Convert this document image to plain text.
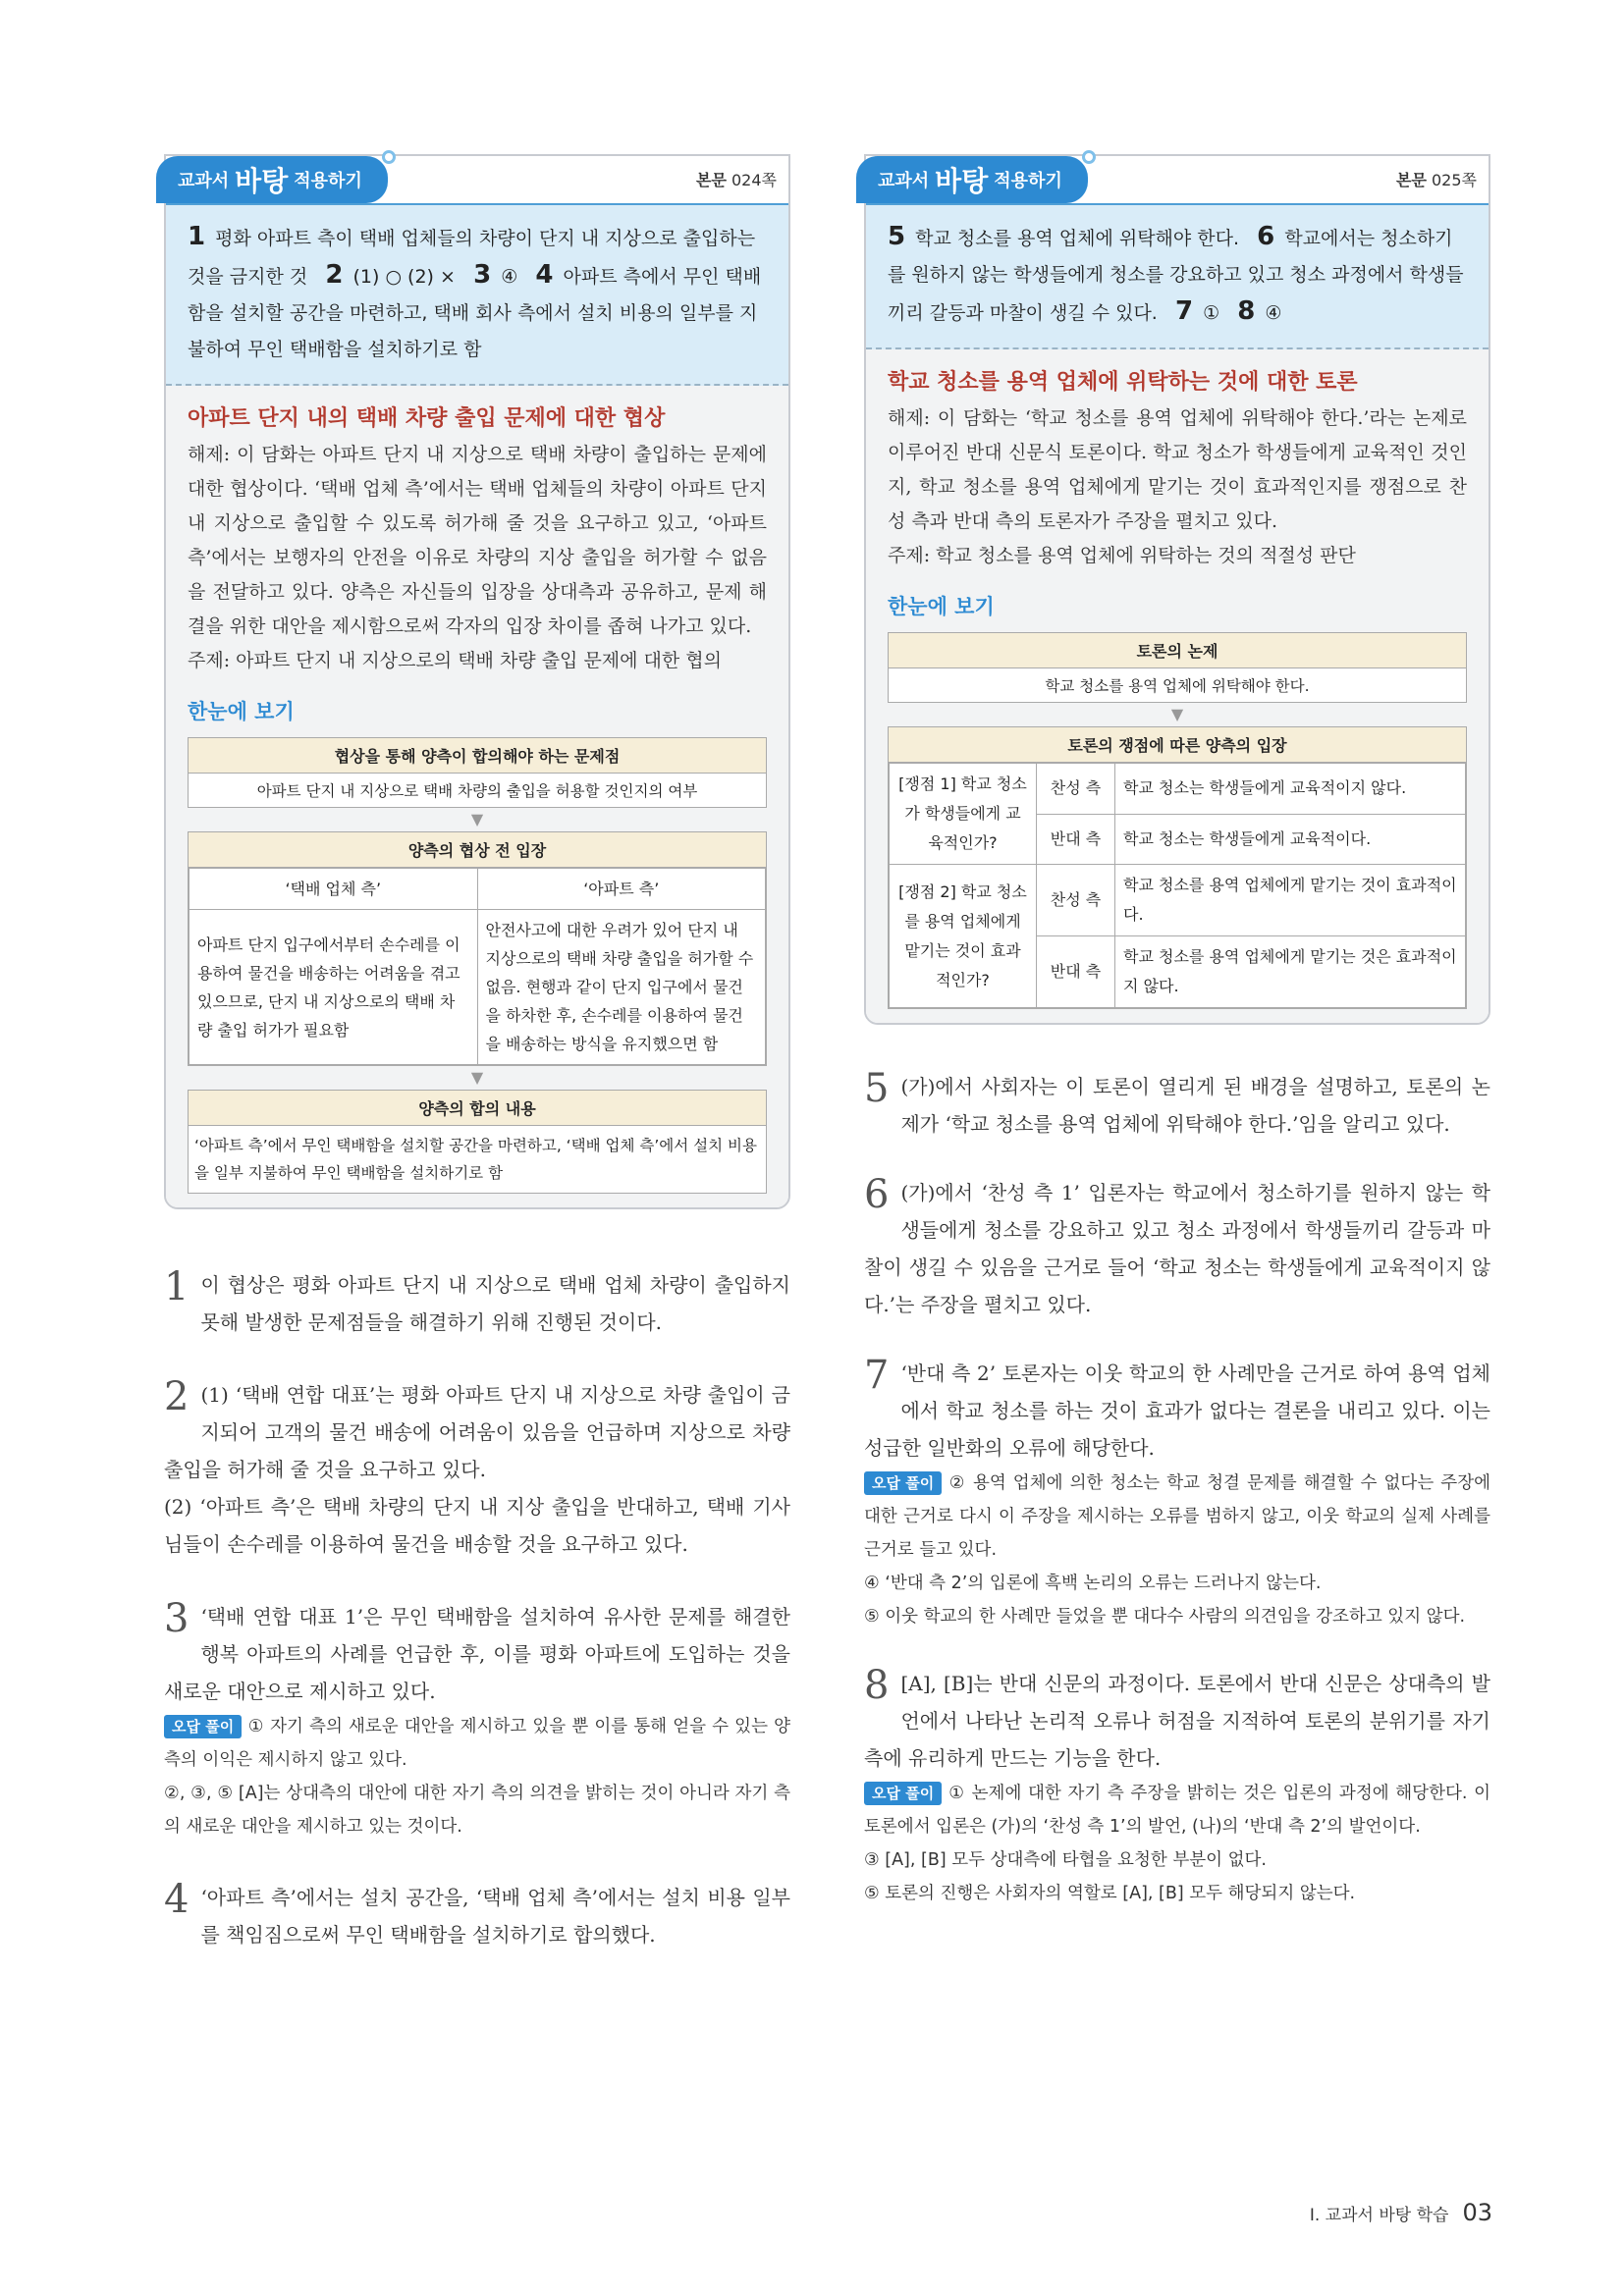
교과서 바탕 적용하기	본문 024쪽
1 평화 아파트 측이 택배 업체들의 차량이 단지 내 지상으로 출입하는 것을 금지한 것 2 (1) ○ (2) × 3 ④ 4 아파트 측에서 무인 택배함을 설치할 공간을 마련하고, 택배 회사 측에서 설치 비용의 일부를 지불하여 무인 택배함을 설치하기로 함
아파트 단지 내의 택배 차량 출입 문제에 대한 협상

해제: 이 담화는 아파트 단지 내 지상으로 택배 차량이 출입하는 문제에 대한 협상이다. ‘택배 업체 측’에서는 택배 업체들의 차량이 아파트 단지 내 지상으로 출입할 수 있도록 허가해 줄 것을 요구하고 있고, ‘아파트 측’에서는 보행자의 안전을 이유로 차량의 지상 출입을 허가할 수 없음을 전달하고 있다. 양측은 자신들의 입장을 상대측과 공유하고, 문제 해결을 위한 대안을 제시함으로써 각자의 입장 차이를 좁혀 나가고 있다.

주제: 아파트 단지 내 지상으로의 택배 차량 출입 문제에 대한 협의

한눈에 보기
협상을 통해 양측이 합의해야 하는 문제점
아파트 단지 내 지상으로 택배 차량의 출입을 허용할 것인지의 여부
▼
양측의 협상 전 입장
‘택배 업체 측’	‘아파트 측’
아파트 단지 입구에서부터 손수레를 이용하여 물건을 배송하는 어려움을 겪고 있으므로, 단지 내 지상으로의 택배 차량 출입 허가가 필요함	안전사고에 대한 우려가 있어 단지 내 지상으로의 택배 차량 출입을 허가할 수 없음. 현행과 같이 단지 입구에서 물건을 하차한 후, 손수레를 이용하여 물건을 배송하는 방식을 유지했으면 함
▼
양측의 합의 내용
‘아파트 측’에서 무인 택배함을 설치할 공간을 마련하고, ‘택배 업체 측’에서 설치 비용을 일부 지불하여 무인 택배함을 설치하기로 함
1 이 협상은 평화 아파트 단지 내 지상으로 택배 업체 차량이 출입하지 못해 발생한 문제점들을 해결하기 위해 진행된 것이다.
2 (1) ‘택배 연합 대표’는 평화 아파트 단지 내 지상으로 차량 출입이 금지되어 고객의 물건 배송에 어려움이 있음을 언급하며 지상으로 차량 출입을 허가해 줄 것을 요구하고 있다.
(2) ‘아파트 측’은 택배 차량의 단지 내 지상 출입을 반대하고, 택배 기사님들이 손수레를 이용하여 물건을 배송할 것을 요구하고 있다.
3 ‘택배 연합 대표 1’은 무인 택배함을 설치하여 유사한 문제를 해결한 행복 아파트의 사례를 언급한 후, 이를 평화 아파트에 도입하는 것을 새로운 대안으로 제시하고 있다.
오답 풀이 ① 자기 측의 새로운 대안을 제시하고 있을 뿐 이를 통해 얻을 수 있는 양측의 이익은 제시하지 않고 있다.
②, ③, ⑤ [A]는 상대측의 대안에 대한 자기 측의 의견을 밝히는 것이 아니라 자기 측의 새로운 대안을 제시하고 있는 것이다.
4 ‘아파트 측’에서는 설치 공간을, ‘택배 업체 측’에서는 설치 비용 일부를 책임짐으로써 무인 택배함을 설치하기로 합의했다.
교과서 바탕 적용하기	본문 025쪽
5 학교 청소를 용역 업체에 위탁해야 한다. 6 학교에서는 청소하기를 원하지 않는 학생들에게 청소를 강요하고 있고 청소 과정에서 학생들끼리 갈등과 마찰이 생길 수 있다. 7 ① 8 ④
학교 청소를 용역 업체에 위탁하는 것에 대한 토론

해제: 이 담화는 ‘학교 청소를 용역 업체에 위탁해야 한다.’라는 논제로 이루어진 반대 신문식 토론이다. 학교 청소가 학생들에게 교육적인 것인지, 학교 청소를 용역 업체에게 맡기는 것이 효과적인지를 쟁점으로 찬성 측과 반대 측의 토론자가 주장을 펼치고 있다.

주제: 학교 청소를 용역 업체에 위탁하는 것의 적절성 판단

한눈에 보기
토론의 논제
학교 청소를 용역 업체에 위탁해야 한다.
▼
토론의 쟁점에 따른 양측의 입장
[쟁점 1] 학교 청소가 학생들에게 교육적인가?	찬성 측	학교 청소는 학생들에게 교육적이지 않다.
	반대 측	학교 청소는 학생들에게 교육적이다.
[쟁점 2] 학교 청소를 용역 업체에게 맡기는 것이 효과적인가?	찬성 측	학교 청소를 용역 업체에게 맡기는 것이 효과적이다.
	반대 측	학교 청소를 용역 업체에게 맡기는 것은 효과적이지 않다.
5 (가)에서 사회자는 이 토론이 열리게 된 배경을 설명하고, 토론의 논제가 ‘학교 청소를 용역 업체에 위탁해야 한다.’임을 알리고 있다.
6 (가)에서 ‘찬성 측 1’ 입론자는 학교에서 청소하기를 원하지 않는 학생들에게 청소를 강요하고 있고 청소 과정에서 학생들끼리 갈등과 마찰이 생길 수 있음을 근거로 들어 ‘학교 청소는 학생들에게 교육적이지 않다.’는 주장을 펼치고 있다.
7 ‘반대 측 2’ 토론자는 이웃 학교의 한 사례만을 근거로 하여 용역 업체에서 학교 청소를 하는 것이 효과가 없다는 결론을 내리고 있다. 이는 성급한 일반화의 오류에 해당한다.
오답 풀이 ② 용역 업체에 의한 청소는 학교 청결 문제를 해결할 수 없다는 주장에 대한 근거로 다시 이 주장을 제시하는 오류를 범하지 않고, 이웃 학교의 실제 사례를 근거로 들고 있다.
④ ‘반대 측 2’의 입론에 흑백 논리의 오류는 드러나지 않는다.
⑤ 이웃 학교의 한 사례만 들었을 뿐 대다수 사람의 의견임을 강조하고 있지 않다.
8 [A], [B]는 반대 신문의 과정이다. 토론에서 반대 신문은 상대측의 발언에서 나타난 논리적 오류나 허점을 지적하여 토론의 분위기를 자기 측에 유리하게 만드는 기능을 한다.
오답 풀이 ① 논제에 대한 자기 측 주장을 밝히는 것은 입론의 과정에 해당한다. 이 토론에서 입론은 (가)의 ‘찬성 측 1’의 발언, (나)의 ‘반대 측 2’의 발언이다.
③ [A], [B] 모두 상대측에 타협을 요청한 부분이 없다.
⑤ 토론의 진행은 사회자의 역할로 [A], [B] 모두 해당되지 않는다.
I. 교과서 바탕 학습 03
